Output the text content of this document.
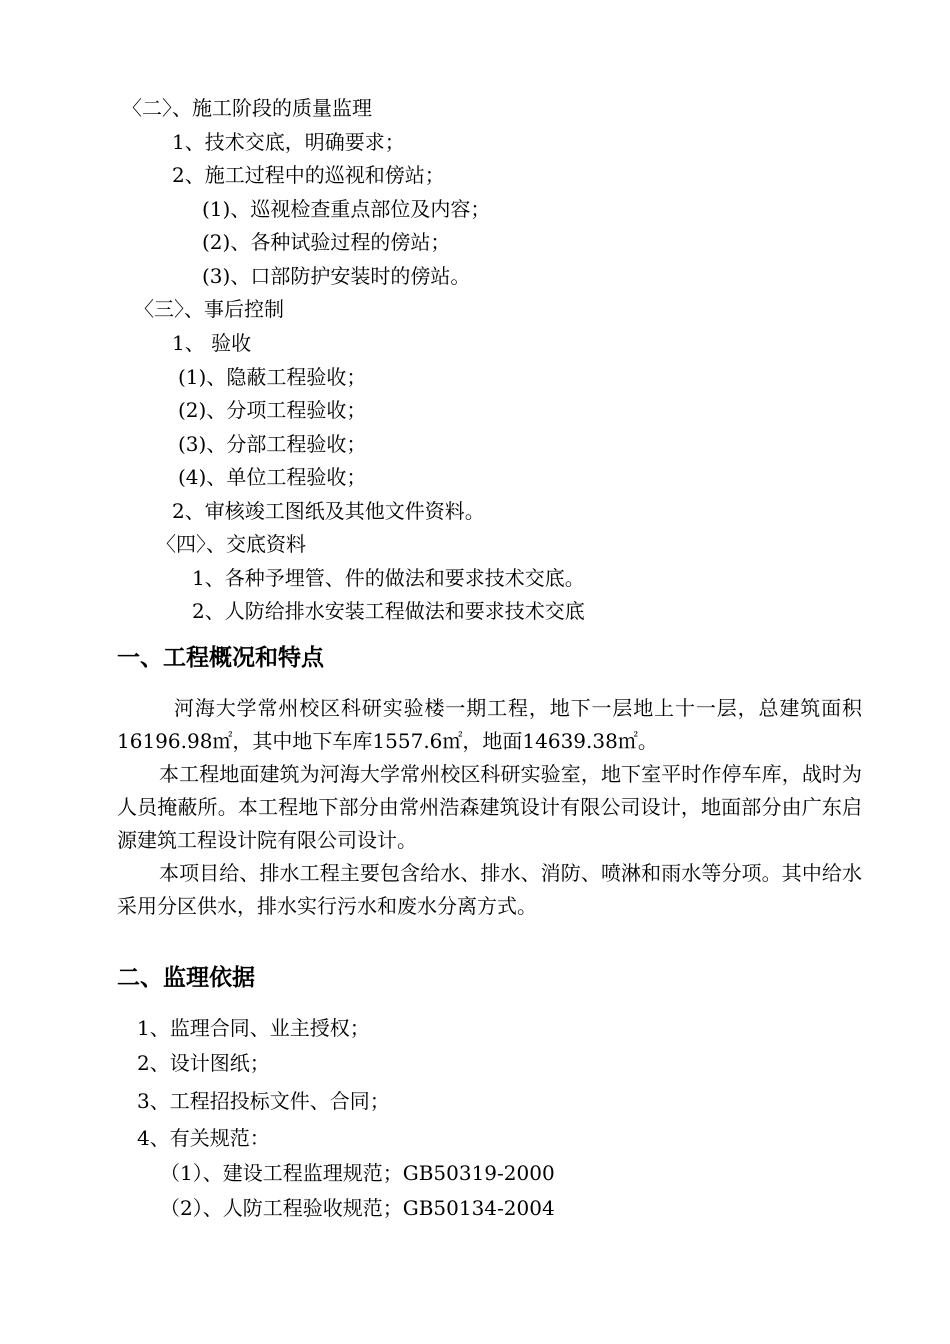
〈二〉、施工阶段的质量监理
1、技术交底，明确要求；
2、施工过程中的巡视和傍站；
(1)、巡视检查重点部位及内容；
(2)、各种试验过程的傍站；
(3)、口部防护安装时的傍站。
〈三〉、事后控制
1、 验收
(1)、隐蔽工程验收；
(2)、分项工程验收；
(3)、分部工程验收；
(4)、单位工程验收；
2、审核竣工图纸及其他文件资料。
〈四〉、交底资料
1、各种予埋管、件的做法和要求技术交底。
2、人防给排水安装工程做法和要求技术交底
一、工程概况和特点

河海大学常州校区科研实验楼一期工程，地下一层地上十一层，总建筑面积16196.98㎡，其中地下车库1557.6㎡，地面14639.38㎡。

本工程地面建筑为河海大学常州校区科研实验室，地下室平时作停车库，战时为人员掩蔽所。本工程地下部分由常州浩森建筑设计有限公司设计，地面部分由广东启源建筑工程设计院有限公司设计。

本项目给、排水工程主要包含给水、排水、消防、喷淋和雨水等分项。其中给水采用分区供水，排水实行污水和废水分离方式。

二、监理依据
1、监理合同、业主授权；
2、设计图纸；
3、工程招投标文件、合同；
4、有关规范：
（1）、建设工程监理规范；GB50319-2000
（2）、人防工程验收规范；GB50134-2004
